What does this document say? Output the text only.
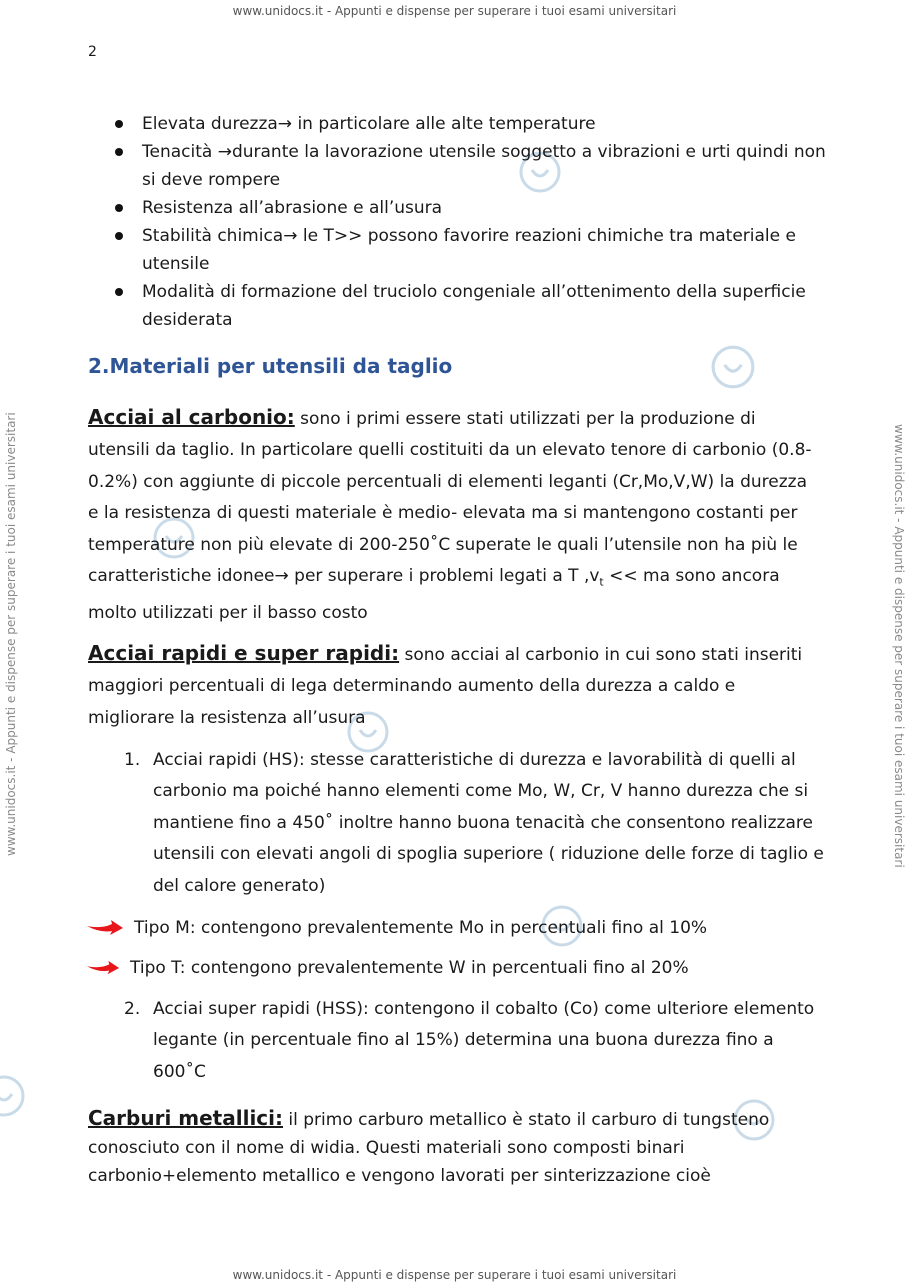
www.unidocs.it - Appunti e dispense per superare i tuoi esami universitari
www.unidocs.it - Appunti e dispense per superare i tuoi esami universitari
www.unidocs.it - Appunti e dispense per superare i tuoi esami universitari	www.unidocs.it - Appunti e dispense per superare i tuoi esami universitari
2
Elevata durezza→ in particolare alle alte temperature
Tenacità →durante la lavorazione utensile soggetto a vibrazioni e urti quindi non si deve rompere
Resistenza all’abrasione e all’usura
Stabilità chimica→ le T>> possono favorire reazioni chimiche tra materiale e utensile
Modalità di formazione del truciolo congeniale all’ottenimento della superficie desiderata
2.Materiali per utensili da taglio
Acciai al carbonio: sono i primi essere stati utilizzati per la produzione di utensili da taglio. In particolare quelli costituiti da un elevato tenore di carbonio (0.8-0.2%) con aggiunte di piccole percentuali di elementi leganti (Cr,Mo,V,W) la durezza e la resistenza di questi materiale è medio- elevata ma si mantengono costanti per temperature non più elevate di 200-250˚C superate le quali l’utensile non ha più le caratteristiche idonee→ per superare i problemi legati a T $,v_t$ << ma sono ancora molto utilizzati per il basso costo
Acciai rapidi e super rapidi: sono acciai al carbonio in cui sono stati inseriti maggiori percentuali di lega determinando aumento della durezza a caldo e migliorare la resistenza all’usura
1. Acciai rapidi (HS): stesse caratteristiche di durezza e lavorabilità di quelli al carbonio ma poiché hanno elementi come Mo, W, Cr, V hanno durezza che si mantiene fino a 450˚ inoltre hanno buona tenacità che consentono realizzare utensili con elevati angoli di spoglia superiore ( riduzione delle forze di taglio e del calore generato)
Tipo M: contengono prevalentemente Mo in percentuali fino al 10%
Tipo T: contengono prevalentemente W in percentuali fino al 20%
2. Acciai super rapidi (HSS): contengono il cobalto (Co) come ulteriore elemento legante (in percentuale fino al 15%) determina una buona durezza fino a 600˚C
Carburi metallici: il primo carburo metallico è stato il carburo di tungsteno conosciuto con il nome di widia. Questi materiali sono composti binari carbonio+elemento metallico e vengono lavorati per sinterizzazione cioè
